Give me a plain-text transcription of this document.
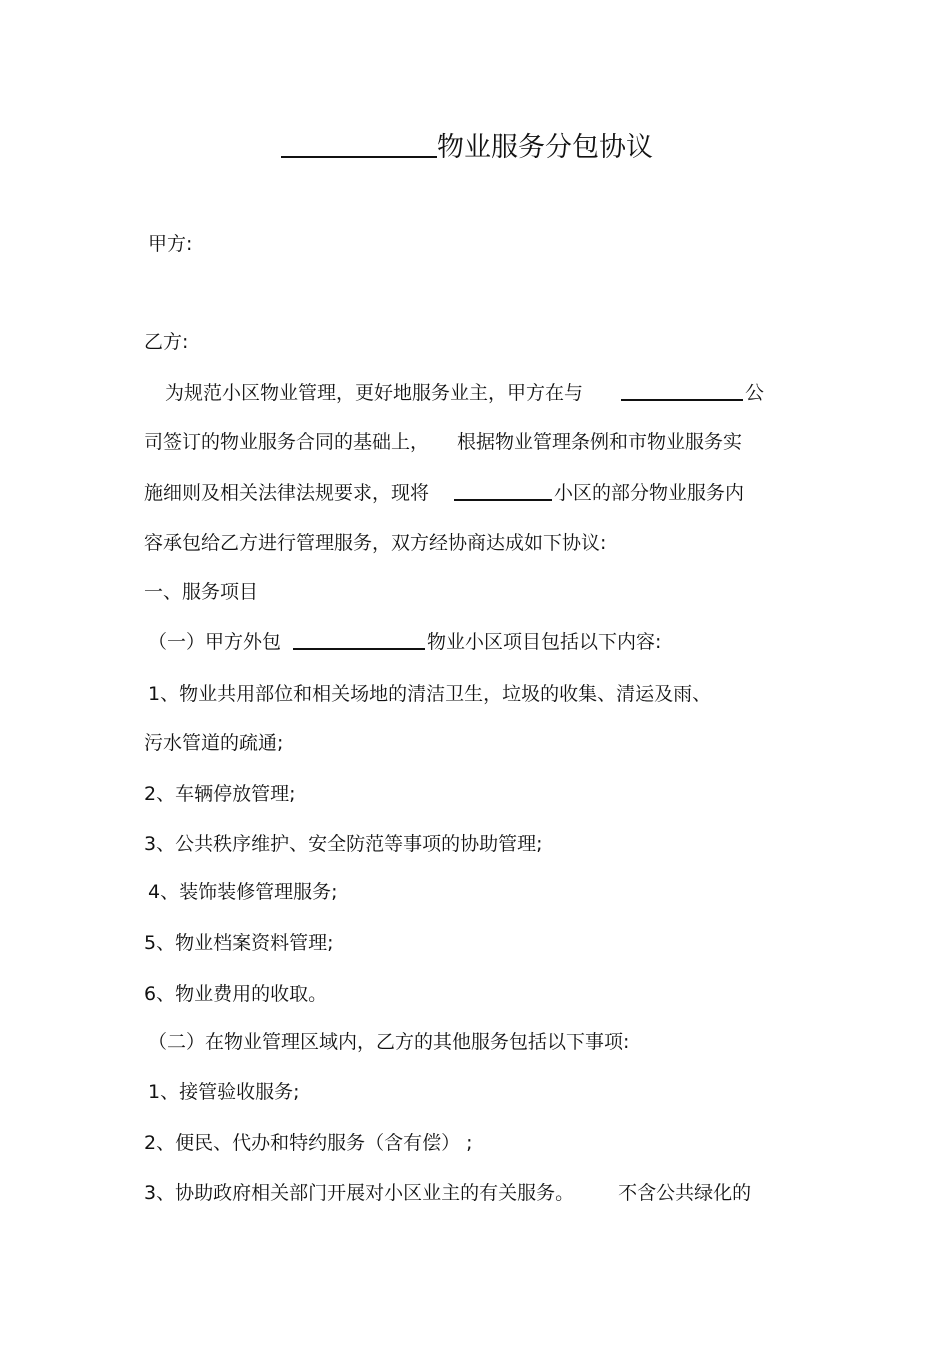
物业服务分包协议
甲方:
乙方:
为规范小区物业管理，更好地服务业主，甲方在与	公
司签订的物业服务合同的基础上， 根据物业管理条例和市物业服务实
施细则及相关法律法规要求，现将	小区的部分物业服务内
容承包给乙方进行管理服务，双方经协商达成如下协议:
一、服务项目
（一）甲方外包	物业小区项目包括以下内容:
1、物业共用部位和相关场地的清洁卫生，垃圾的收集、清运及雨、
污水管道的疏通;
2、车辆停放管理;
3、公共秩序维护、安全防范等事项的协助管理;
4、装饰装修管理服务;
5、物业档案资料管理;
6、物业费用的收取。
（二）在物业管理区域内，乙方的其他服务包括以下事项:
1、接管验收服务;
2、便民、代办和特约服务（含有偿） ;
3、协助政府相关部门开展对小区业主的有关服务。 不含公共绿化的
